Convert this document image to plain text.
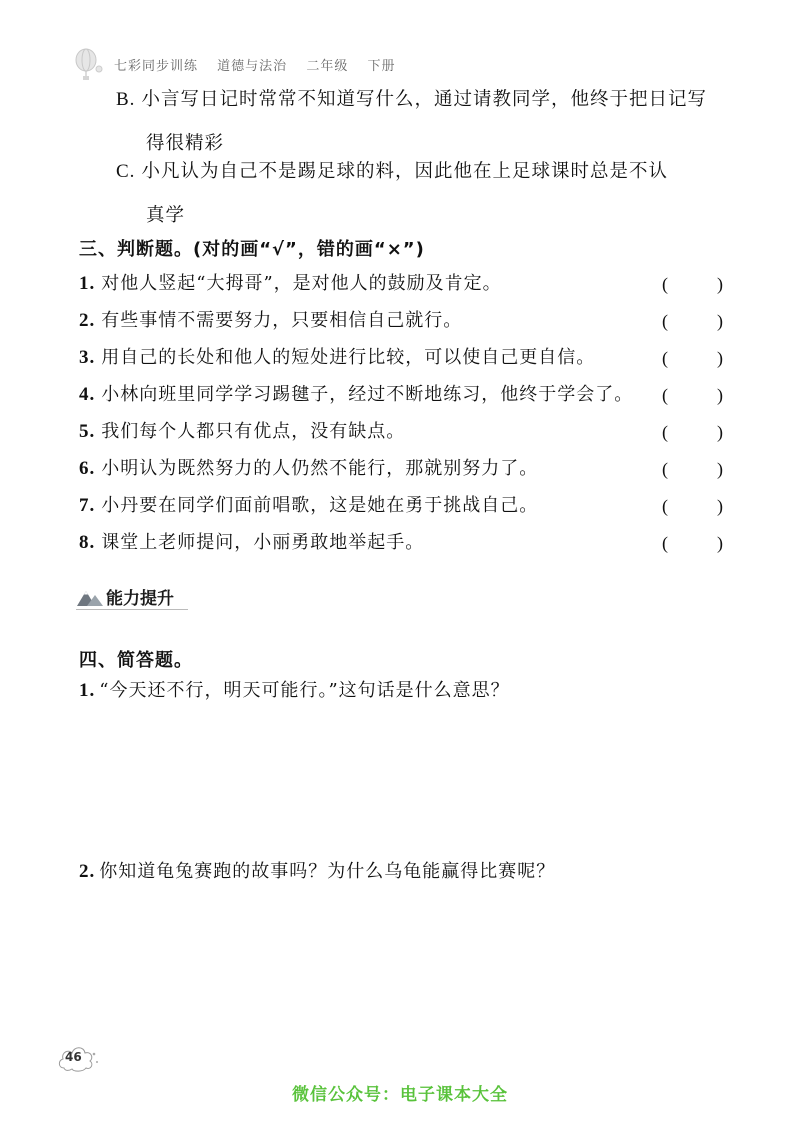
七彩同步训练 道德与法治 二年级 下册
B. 小言写日记时常常不知道写什么，通过请教同学，他终于把日记写
得很精彩
C. 小凡认为自己不是踢足球的料，因此他在上足球课时总是不认
真学
三、判断题。(对的画“√”，错的画“×”)
1. 对他人竖起“大拇哥”，是对他人的鼓励及肯定。	(	)
2. 有些事情不需要努力，只要相信自己就行。	(	)
3. 用自己的长处和他人的短处进行比较，可以使自己更自信。	(	)
4. 小林向班里同学学习踢毽子，经过不断地练习，他终于学会了。 (	)
5. 我们每个人都只有优点，没有缺点。	(	)
6. 小明认为既然努力的人仍然不能行，那就别努力了。	(	)
7. 小丹要在同学们面前唱歌，这是她在勇于挑战自己。	(	)
8. 课堂上老师提问，小丽勇敢地举起手。	(	)
能力提升
四、简答题。
1. “今天还不行，明天可能行。”这句话是什么意思？
2. 你知道龟兔赛跑的故事吗？为什么乌龟能赢得比赛呢？
46
微信公众号：电子课本大全
